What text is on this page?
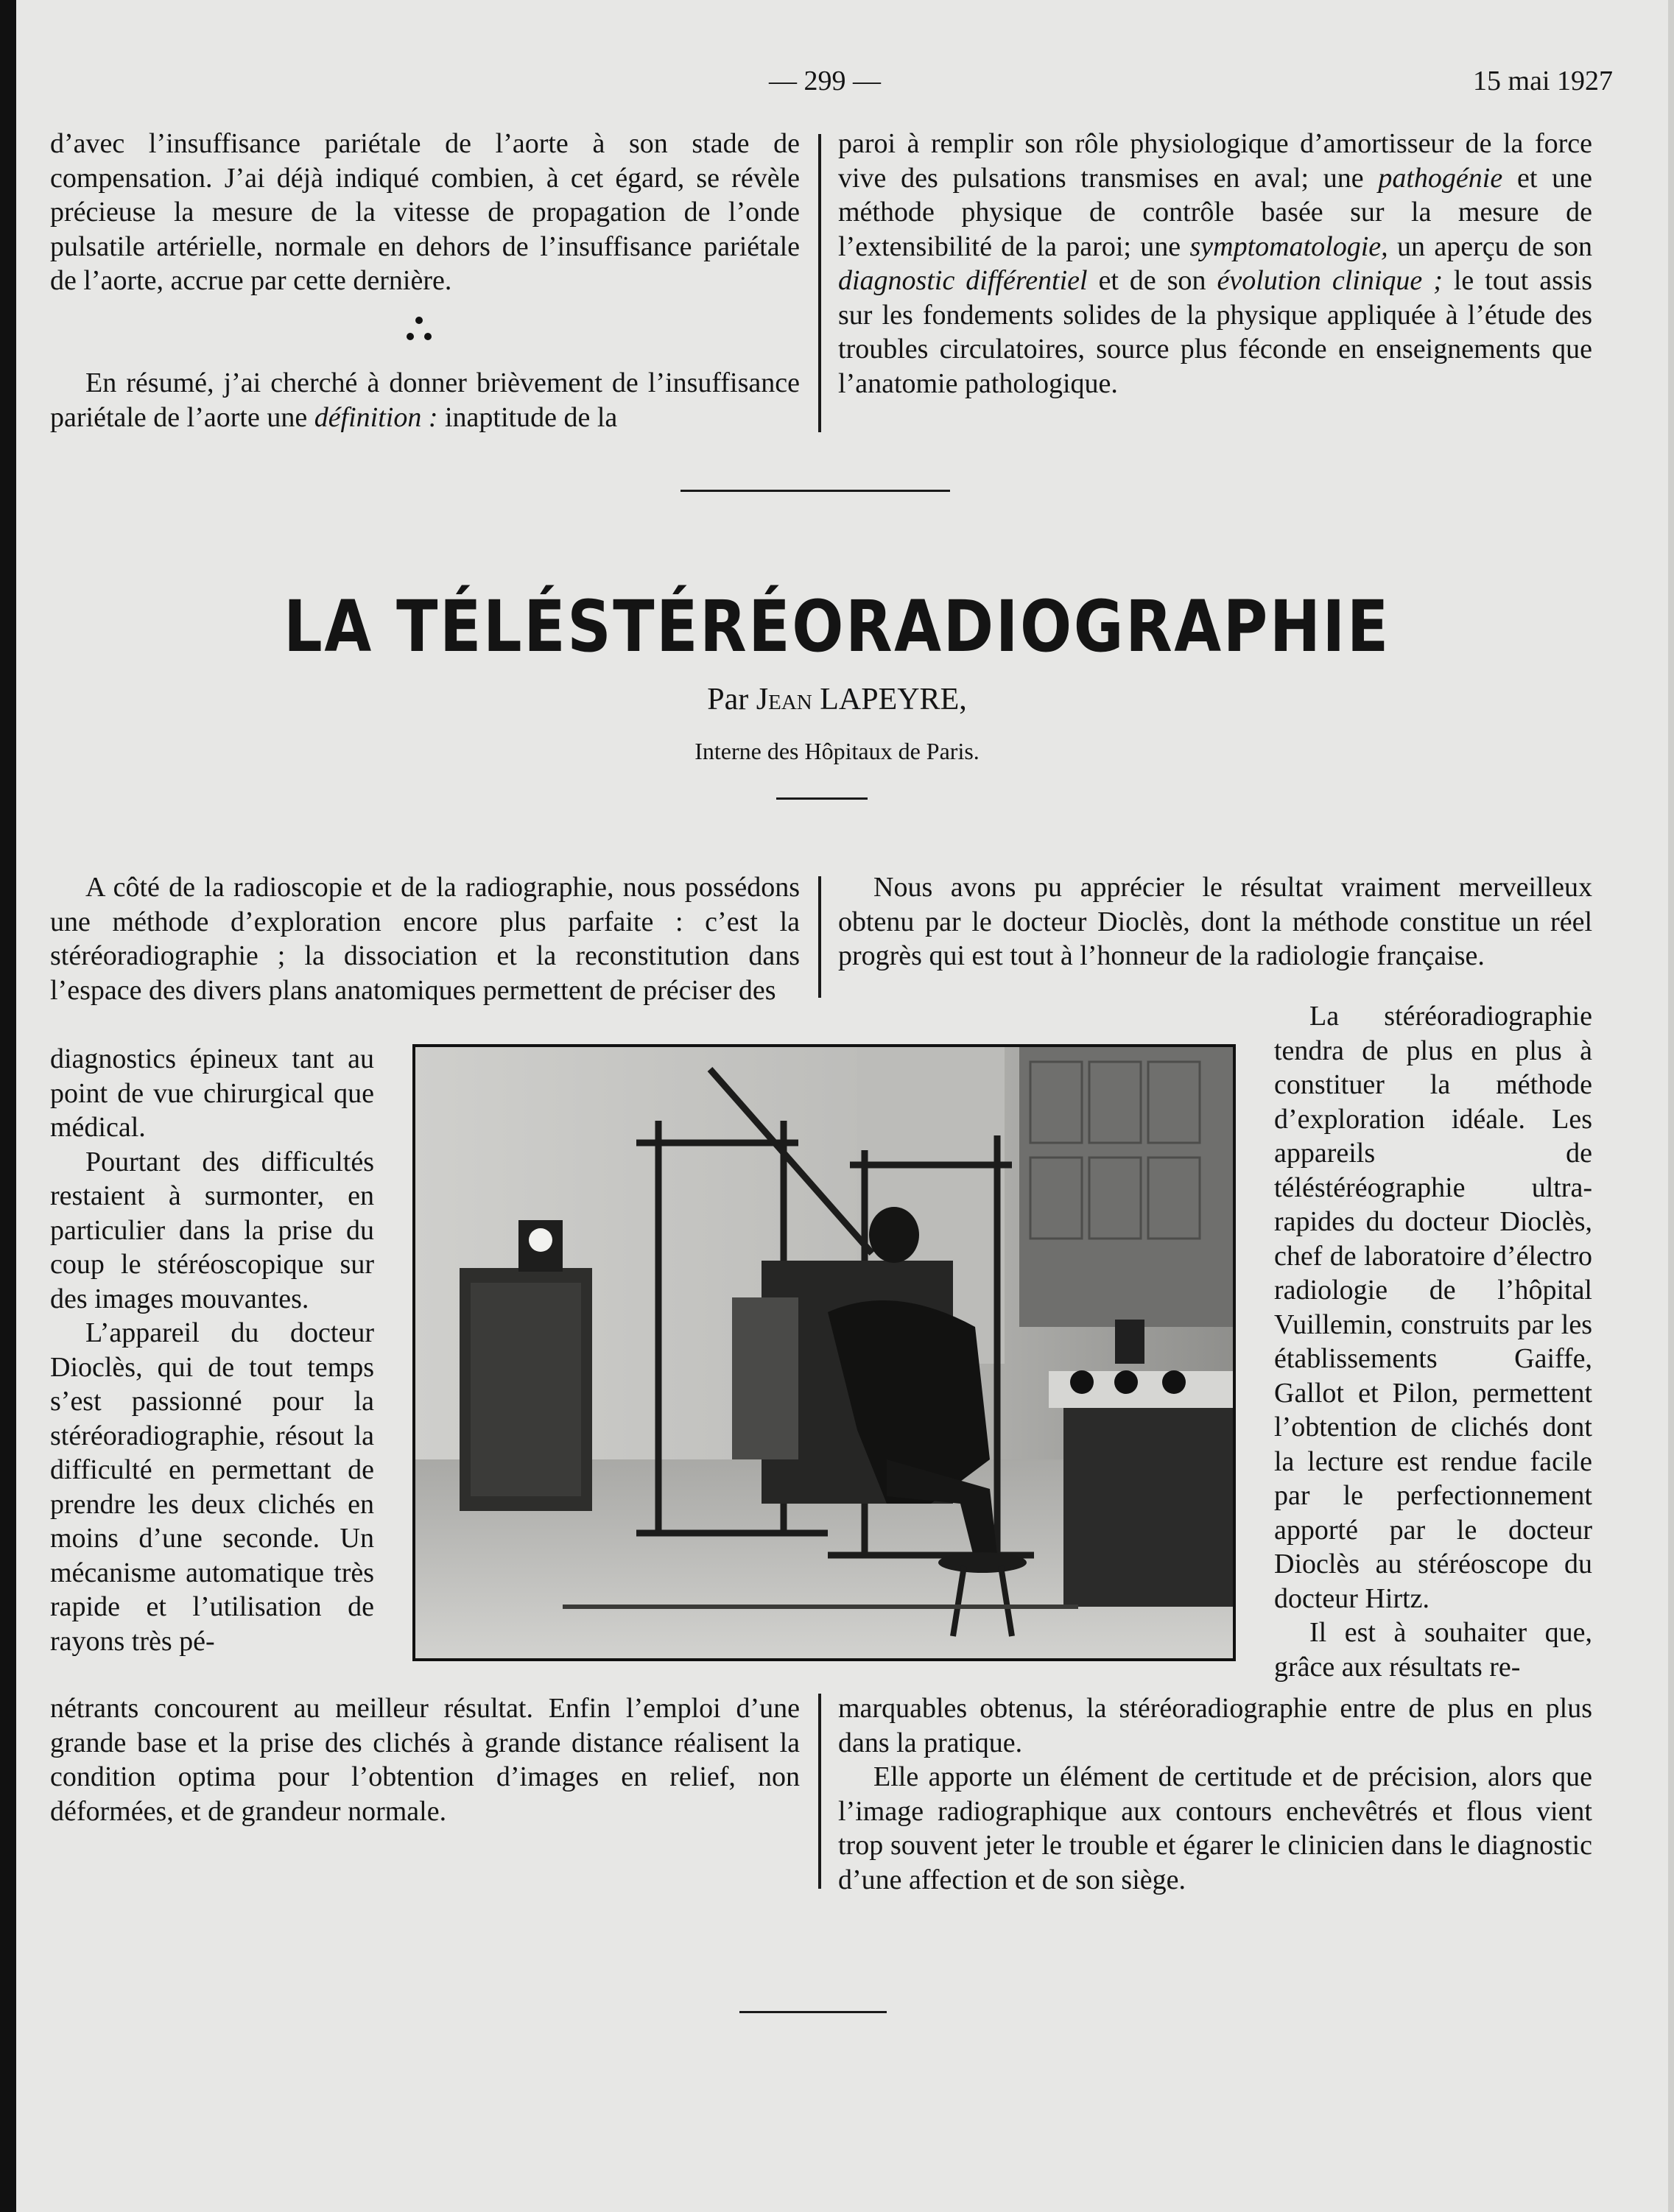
— 299 —	15 mai 1927

d’avec l’insuffisance pariétale de l’aorte à son stade de compensation. J’ai déjà indiqué combien, à cet égard, se révèle précieuse la mesure de la vitesse de propagation de l’onde pulsatile artérielle, normale en dehors de l’insuffisance pariétale de l’aorte, accrue par cette dernière.

En résumé, j’ai cherché à donner brièvement de l’insuffisance pariétale de l’aorte une définition : inaptitude de la

paroi à remplir son rôle physiologique d’amortisseur de la force vive des pulsations transmises en aval; une pathogénie et une méthode physique de contrôle basée sur la mesure de l’extensibilité de la paroi; une symptomatologie, un aperçu de son diagnostic différentiel et de son évolution clinique ; le tout assis sur les fondements solides de la physique appliquée à l’étude des troubles circulatoires, source plus féconde en enseignements que l’anatomie pathologique.

LA TÉLÉSTÉRÉORADIOGRAPHIE
Par Jean LAPEYRE,
Interne des Hôpitaux de Paris.

A côté de la radioscopie et de la radiographie, nous possédons une méthode d’exploration encore plus parfaite : c’est la stéréoradiographie ; la dissociation et la reconstitution dans l’espace des divers plans anatomiques permettent de préciser des

diagnostics épineux tant au point de vue chirurgical que médical.

Pourtant des difficultés restaient à surmonter, en particulier dans la prise du coup le stéréoscopique sur des images mouvantes.

L’appareil du docteur Dioclès, qui de tout temps s’est passionné pour la stéréoradiographie, résout la difficulté en permettant de prendre les deux clichés en moins d’une seconde. Un mécanisme automatique très rapide et l’utilisation de rayons très pé-

nétrants concourent au meilleur résultat. Enfin l’emploi d’une grande base et la prise des clichés à grande distance réalisent la condition optima pour l’obtention d’images en relief, non déformées, et de grandeur normale.

Nous avons pu apprécier le résultat vraiment merveilleux obtenu par le docteur Dioclès, dont la méthode constitue un réel progrès qui est tout à l’honneur de la radiologie française.

La stéréoradiographie tendra de plus en plus à constituer la méthode d’exploration idéale. Les appareils de téléstéréographie ultra-rapides du docteur Dioclès, chef de laboratoire d’électro radiologie de l’hôpital Vuillemin, construits par les établissements Gaiffe, Gallot et Pilon, permettent l’obtention de clichés dont la lecture est rendue facile par le perfectionnement apporté par le docteur Dioclès au stéréoscope du docteur Hirtz.

Il est à souhaiter que, grâce aux résultats re-

marquables obtenus, la stéréoradiographie entre de plus en plus dans la pratique.

Elle apporte un élément de certitude et de précision, alors que l’image radiographique aux contours enchevêtrés et flous vient trop souvent jeter le trouble et égarer le clinicien dans le diagnostic d’une affection et de son siège.
